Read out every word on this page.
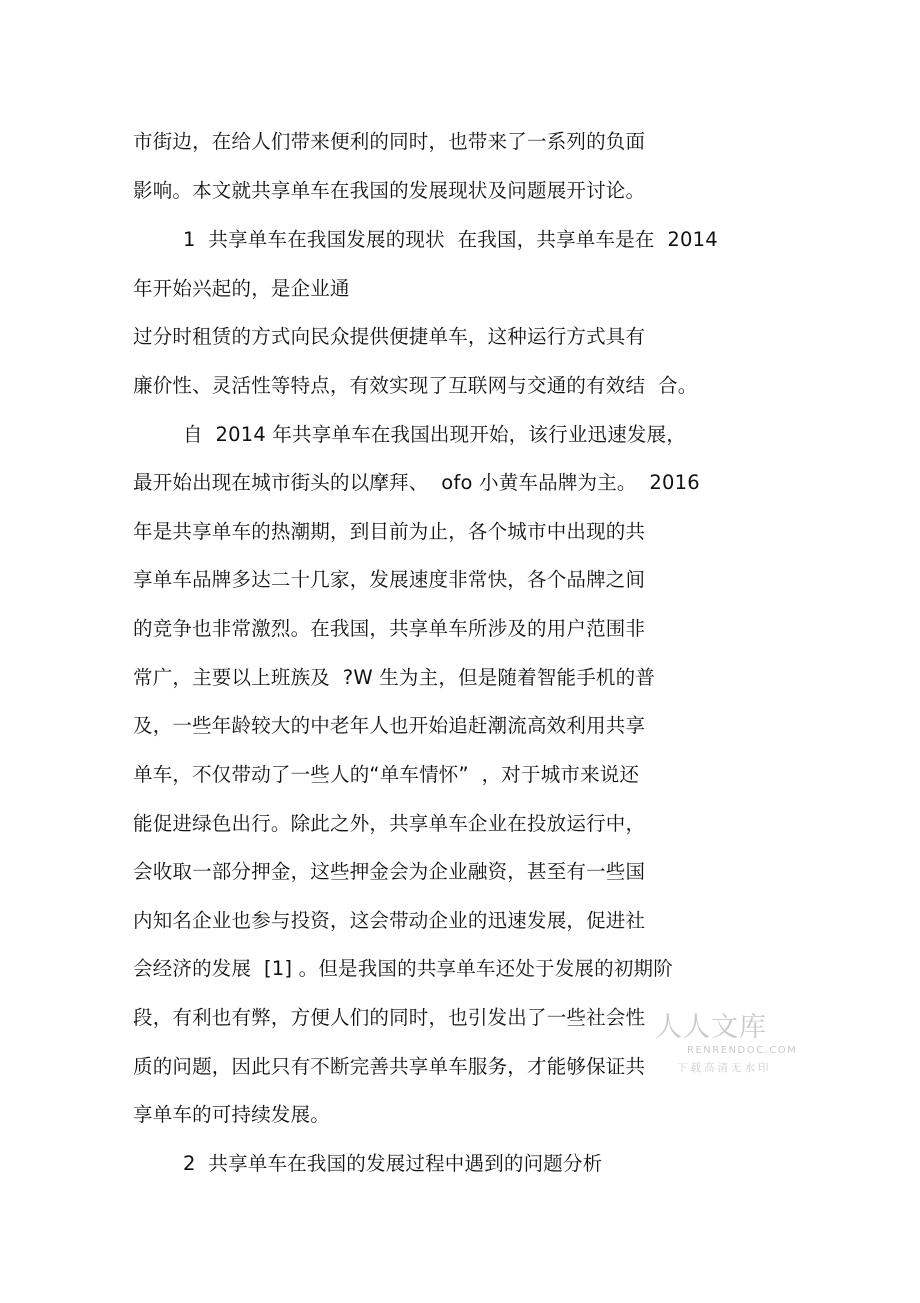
市街边，在给人们带来便利的同时，也带来了一系列的负面
影响。本文就共享单车在我国的发展现状及问题展开讨论。
1  共享单车在我国发展的现状  在我国，共享单车是在  2014
年开始兴起的，是企业通
过分时租赁的方式向民众提供便捷单车，这种运行方式具有
廉价性、灵活性等特点，有效实现了互联网与交通的有效结  合。
自  2014 年共享单车在我国出现开始，该行业迅速发展，
最开始出现在城市街头的以摩拜、  ofo 小黄车品牌为主。  2016
年是共享单车的热潮期，到目前为止，各个城市中出现的共
享单车品牌多达二十几家，发展速度非常快，各个品牌之间
的竞争也非常激烈。在我国，共享单车所涉及的用户范围非
常广，主要以上班族及  ?W 生为主，但是随着智能手机的普
及，一些年龄较大的中老年人也开始追赶潮流高效利用共享
单车，不仅带动了一些人的“单车情怀”  ，对于城市来说还
能促进绿色出行。除此之外，共享单车企业在投放运行中，
会收取一部分押金，这些押金会为企业融资，甚至有一些国
内知名企业也参与投资，这会带动企业的迅速发展，促进社
会经济的发展  [1] 。但是我国的共享单车还处于发展的初期阶
段，有利也有弊，方便人们的同时，也引发出了一些社会性
质的问题，因此只有不断完善共享单车服务，才能够保证共
享单车的可持续发展。
2  共享单车在我国的发展过程中遇到的问题分析
人人文库
RENRENDOC.COM
下载高清无水印
